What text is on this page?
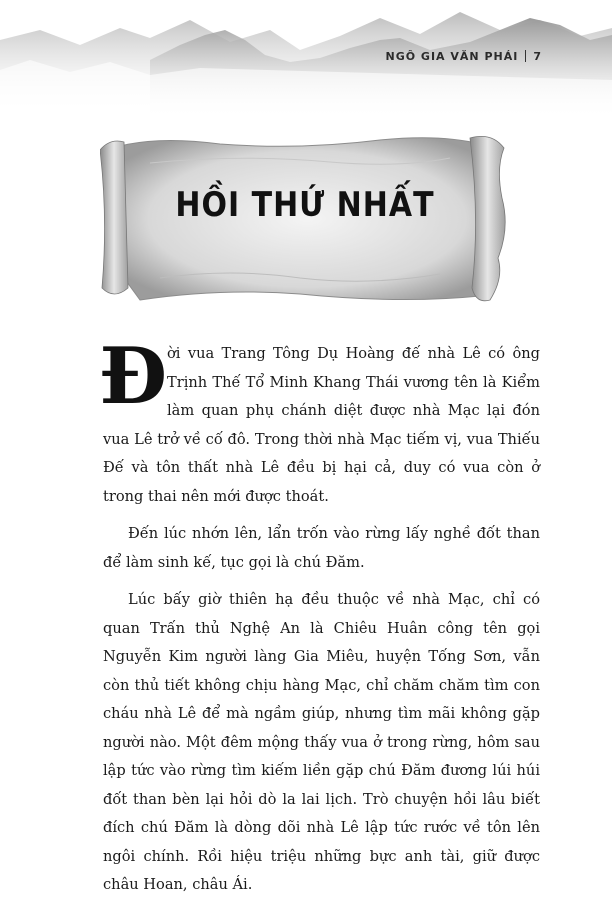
NGÔ GIA VĂN PHÁI 7
HỒI THỨ NHẤT

Đời vua Trang Tông Dụ Hoàng đế nhà Lê có ông Trịnh Thế Tổ Minh Khang Thái vương tên là Kiểm làm quan phụ chánh diệt được nhà Mạc lại đón vua Lê trở về cố đô. Trong thời nhà Mạc tiếm vị, vua Thiếu Đế và tôn thất nhà Lê đều bị hại cả, duy có vua còn ở trong thai nên mới được thoát.

Đến lúc nhớn lên, lẩn trốn vào rừng lấy nghề đốt than để làm sinh kế, tục gọi là chú Đăm.

Lúc bấy giờ thiên hạ đều thuộc về nhà Mạc, chỉ có quan Trấn thủ Nghệ An là Chiêu Huân công tên gọi Nguyễn Kim người làng Gia Miêu, huyện Tống Sơn, vẫn còn thủ tiết không chịu hàng Mạc, chỉ chăm chăm tìm con cháu nhà Lê để mà ngầm giúp, nhưng tìm mãi không gặp người nào. Một đêm mộng thấy vua ở trong rừng, hôm sau lập tức vào rừng tìm kiếm liền gặp chú Đăm đương lúi húi đốt than bèn lại hỏi dò la lai lịch. Trò chuyện hồi lâu biết đích chú Đăm là dòng dõi nhà Lê lập tức rước về tôn lên ngôi chính. Rồi hiệu triệu những bực anh tài, giữ được châu Hoan, châu Ái.
